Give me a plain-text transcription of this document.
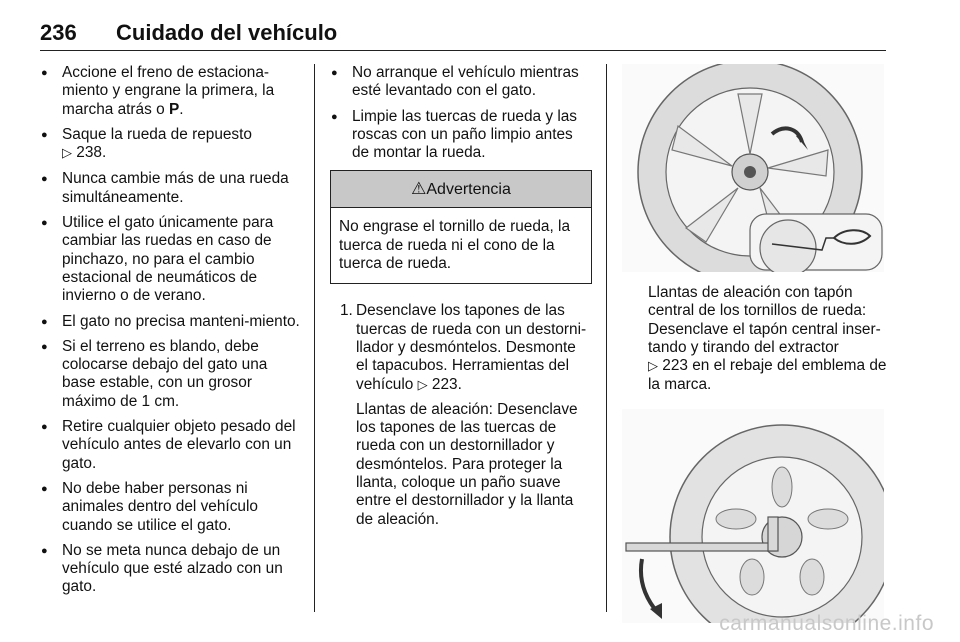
236 Cuidado del vehículo
● Accione el freno de estaciona-miento y engrane la primera, la marcha atrás o P.
● Saque la rueda de repuesto
▷ 238.
● Nunca cambie más de una rueda simultáneamente.
● Utilice el gato únicamente para cambiar las ruedas en caso de pinchazo, no para el cambio estacional de neumáticos de invierno o de verano.
● El gato no precisa manteni-miento.
● Si el terreno es blando, debe colocarse debajo del gato una base estable, con un grosor máximo de 1 cm.
● Retire cualquier objeto pesado del vehículo antes de elevarlo con un gato.
● No debe haber personas ni animales dentro del vehículo cuando se utilice el gato.
● No se meta nunca debajo de un vehículo que esté alzado con un gato.
● No arranque el vehículo mientras esté levantado con el gato.
● Limpie las tuercas de rueda y las roscas con un paño limpio antes de montar la rueda.
⚠Advertencia
No engrase el tornillo de rueda, la tuerca de rueda ni el cono de la tuerca de rueda.
1. Desenclave los tapones de las tuercas de rueda con un destorni-llador y desmóntelos. Desmonte el tapacubos. Herramientas del vehículo ▷ 223.

Llantas de aleación: Desenclave los tapones de las tuercas de rueda con un destornillador y desmóntelos. Para proteger la llanta, coloque un paño suave entre el destornillador y la llanta de aleación.

Llantas de aleación con tapón central de los tornillos de rueda: Desenclave el tapón central inser-tando y tirando del extractor
▷ 223 en el rebaje del emblema de la marca.
carmanualsonline.info
